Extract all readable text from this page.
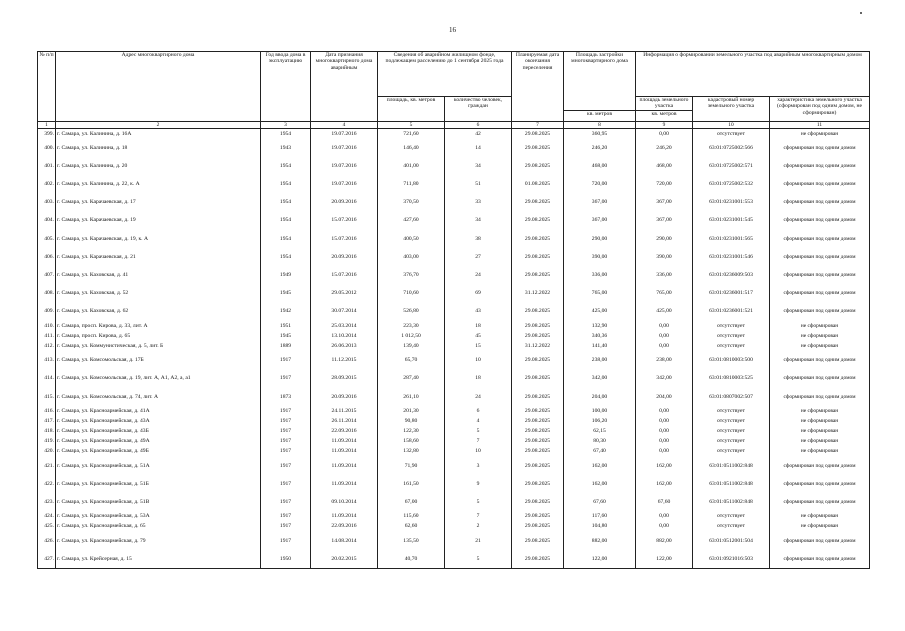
16
№ п/п	Адрес многоквартирного дома	Год ввода дома в эксплуатацию	Дата признания многоквартирного дома аварийным	Сведения об аварийном жилищном фонде, подлежащем расселению до 1 сентября 2025 года		Планируемая дата окончания переселения	Площадь застройки многоквартирного дома	Информация о формировании земельного участка под аварийным многоквартирным домом		
				площадь, кв. метров	количество человек, граждан			площадь земельного участка	кадастровый номер земельного участка	характеристика земельного участка (сформирован под одним домом, не сформирован)
							кв. метров	кв. метров		
1	2	3	4	5	6	7	8	9	10	11
399.	г. Самара, ул. Калинина, д. 16А	1954	19.07.2016	721,60	42	29.08.2025	360,95	0,00	отсутствует	не сформирован
400.	г. Самара, ул. Калинина, д. 18	1943	19.07.2016	146,40	14	29.08.2025	246,20	246,20	63:01:0725002:566	сформирован под одним домом
401.	г. Самара, ул. Калинина, д. 20	1954	19.07.2016	401,00	34	29.08.2025	468,00	468,00	63:01:0725002:571	сформирован под одним домом
402.	г. Самара, ул. Калинина, д. 22, к. А	1954	19.07.2016	711,80	51	01.08.2025	720,00	720,00	63:01:0725002:532	сформирован под одним домом
403.	г. Самара, ул. Карачаевская, д. 17	1954	20.09.2016	370,50	33	29.08.2025	367,00	367,00	63:01:0231001:553	сформирован под одним домом
404.	г. Самара, ул. Карачаевская, д. 19	1954	15.07.2016	427,60	34	29.08.2025	367,00	367,00	63:01:0231001:545	сформирован под одним домом
405.	г. Самара, ул. Карачаевская, д. 19, к. А	1954	15.07.2016	400,50	38	29.08.2025	290,00	290,00	63:01:0231001:565	сформирован под одним домом
406.	г. Самара, ул. Карачаевская, д. 21	1954	20.09.2016	403,00	27	29.08.2025	390,00	390,00	63:01:0231001:546	сформирован под одним домом
407.	г. Самара, ул. Каховская, д. 41	1949	15.07.2016	376,70	24	29.08.2025	336,00	336,00	63:01:0236009:503	сформирован под одним домом
408.	г. Самара, ул. Каховская, д. 52	1945	29.05.2012	710,60	69	31.12.2022	765,00	765,00	63:01:0236001:517	сформирован под одним домом
409.	г. Самара, ул. Каховская, д. 62	1942	30.07.2014	526,80	43	29.08.2025	425,00	425,00	63:01:0236001:521	сформирован под одним домом
410.	г. Самара, просп. Кирова, д. 33, лит. А	1951	25.03.2014	223,30	18	29.08.2025	132,90	0,00	отсутствует	не сформирован
411.	г. Самара, просп. Кирова, д. 65	1945	13.10.2014	1 012,50	45	29.08.2025	340,36	0,00	отсутствует	не сформирован
412.	г. Самара, ул. Коммунистическая, д. 5, лит. Б	1889	26.06.2013	139,40	15	31.12.2022	141,40	0,00	отсутствует	не сформирован
413.	г. Самара, ул. Комсомольская, д. 17Б	1917	11.12.2015	65,70	10	29.08.2025	238,00	238,00	63:01:0810003:500	сформирован под одним домом
414.	г. Самара, ул. Комсомольская, д. 19, лит. А, А1, А2, а, а1	1917	28.09.2015	287,40	18	29.08.2025	342,00	342,00	63:01:0810003:525	сформирован под одним домом
415.	г. Самара, ул. Комсомольская, д. 74, лит. А	1873	20.09.2016	261,10	24	29.08.2025	204,00	204,00	63:01:0807002:507	сформирован под одним домом
416.	г. Самара, ул. Красноармейская, д. 41А	1917	24.11.2015	201,30	6	29.08.2025	100,00	0,00	отсутствует	не сформирован
417.	г. Самара, ул. Красноармейская, д. 43А	1917	26.11.2014	90,80	4	29.08.2025	106,20	0,00	отсутствует	не сформирован
418.	г. Самара, ул. Красноармейская, д. 43Б	1917	22.09.2016	122,30	5	29.08.2025	62,15	0,00	отсутствует	не сформирован
419.	г. Самара, ул. Красноармейская, д. 49А	1917	11.09.2014	158,60	7	29.08.2025	80,30	0,00	отсутствует	не сформирован
420.	г. Самара, ул. Красноармейская, д. 49Б	1917	11.09.2014	132,80	10	29.08.2025	67,40	0,00	отсутствует	не сформирован
421.	г. Самара, ул. Красноармейская, д. 51А	1917	11.09.2014	71,90	3	29.08.2025	162,00	162,00	63:01:0511002:848	сформирован под одним домом
422.	г. Самара, ул. Красноармейская, д. 51Б	1917	11.09.2014	161,50	9	29.08.2025	162,00	162,00	63:01:0511002:848	сформирован под одним домом
423.	г. Самара, ул. Красноармейская, д. 51В	1917	09.10.2014	67,00	5	29.08.2025	67,60	67,60	63:01:0511002:848	сформирован под одним домом
424.	г. Самара, ул. Красноармейская, д. 53А	1917	11.09.2014	115,60	7	29.08.2025	117,60	0,00	отсутствует	не сформирован
425.	г. Самара, ул. Красноармейская, д. 65	1917	22.09.2016	62,60	2	29.08.2025	104,80	0,00	отсутствует	не сформирован
426.	г. Самара, ул. Красноармейская, д. 79	1917	14.08.2014	135,50	21	29.08.2025	882,00	882,00	63:01:0512001:504	сформирован под одним домом
427.	г. Самара, ул. Крейсерная, д. 15	1950	20.02.2015	40,70	5	29.08.2025	122,00	122,00	63:01:0921016:503	сформирован под одним домом
